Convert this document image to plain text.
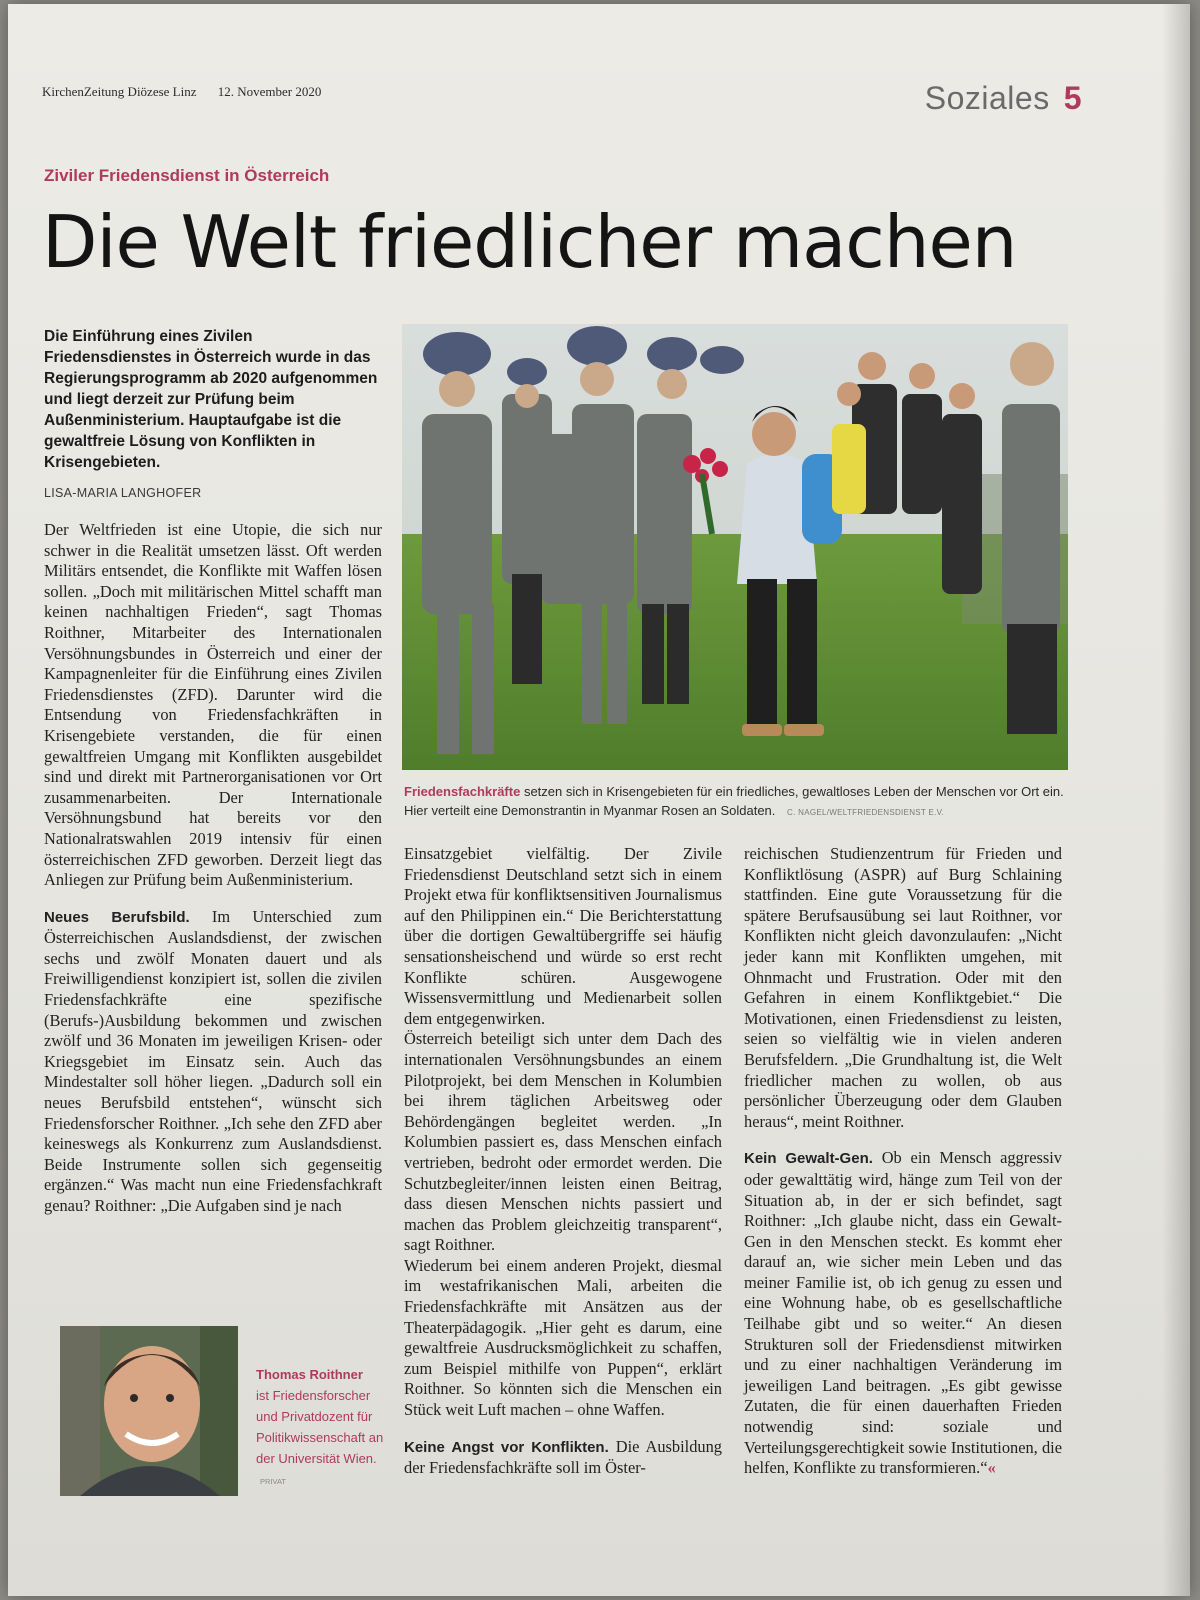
KirchenZeitung Diözese Linz 12. November 2020	Soziales 5
Ziviler Friedensdienst in Österreich
Die Welt friedlicher machen

Die Einführung eines Zivilen Friedensdienstes in Österreich wurde in das Regierungsprogramm ab 2020 aufgenommen und liegt derzeit zur Prüfung beim Außenministerium. Hauptaufgabe ist die gewaltfreie Lösung von Konflikten in Krisengebieten.

LISA-MARIA LANGHOFER

Der Weltfrieden ist eine Utopie, die sich nur schwer in die Realität umsetzen lässt. Oft werden Militärs entsendet, die Konflikte mit Waffen lösen sollen. „Doch mit militärischen Mittel schafft man keinen nachhaltigen Frieden“, sagt Thomas Roithner, Mitarbeiter des Internationalen Versöhnungsbundes in Österreich und einer der Kampagnenleiter für die Einführung eines Zivilen Friedensdienstes (ZFD). Darunter wird die Entsendung von Friedensfachkräften in Krisengebiete verstanden, die für einen gewaltfreien Umgang mit Konflikten ausgebildet sind und direkt mit Partnerorganisationen vor Ort zusammenarbeiten. Der Internationale Versöhnungsbund hat bereits vor den Nationalratswahlen 2019 intensiv für einen österreichischen ZFD geworben. Derzeit liegt das Anliegen zur Prüfung beim Außenministerium.

Neues Berufsbild. Im Unterschied zum Österreichischen Auslandsdienst, der zwischen sechs und zwölf Monaten dauert und als Freiwilligendienst konzipiert ist, sollen die zivilen Friedensfachkräfte eine spezifische (Berufs-)Ausbildung bekommen und zwischen zwölf und 36 Monaten im jeweiligen Krisen- oder Kriegsgebiet im Einsatz sein. Auch das Mindestalter soll höher liegen. „Dadurch soll ein neues Berufsbild entstehen“, wünscht sich Friedensforscher Roithner. „Ich sehe den ZFD aber keineswegs als Konkurrenz zum Auslandsdienst. Beide Instrumente sollen sich gegenseitig ergänzen.“ Was macht nun eine Friedensfachkraft genau? Roithner: „Die Aufgaben sind je nach

Friedensfachkräfte setzen sich in Krisengebieten für ein friedliches, gewaltloses Leben der Menschen vor Ort ein. Hier verteilt eine Demonstrantin in Myanmar Rosen an Soldaten. C. NAGEL/WELTFRIEDENSDIENST E.V.

Einsatzgebiet vielfältig. Der Zivile Friedensdienst Deutschland setzt sich in einem Projekt etwa für konfliktsensitiven Journalismus auf den Philippinen ein.“ Die Berichterstattung über die dortigen Gewaltübergriffe sei häufig sensationsheischend und würde so erst recht Konflikte schüren. Ausgewogene Wissensvermittlung und Medienarbeit sollen dem entgegenwirken.

Österreich beteiligt sich unter dem Dach des internationalen Versöhnungsbundes an einem Pilotprojekt, bei dem Menschen in Kolumbien bei ihrem täglichen Arbeitsweg oder Behördengängen begleitet werden. „In Kolumbien passiert es, dass Menschen einfach vertrieben, bedroht oder ermordet werden. Die Schutzbegleiter/innen leisten einen Beitrag, dass diesen Menschen nichts passiert und machen das Problem gleichzeitig transparent“, sagt Roithner.

Wiederum bei einem anderen Projekt, diesmal im westafrikanischen Mali, arbeiten die Friedensfachkräfte mit Ansätzen aus der Theaterpädagogik. „Hier geht es darum, eine gewaltfreie Ausdrucksmöglichkeit zu schaffen, zum Beispiel mithilfe von Puppen“, erklärt Roithner. So könnten sich die Menschen ein Stück weit Luft machen – ohne Waffen.

Keine Angst vor Konflikten. Die Ausbildung der Friedensfachkräfte soll im Öster-

reichischen Studienzentrum für Frieden und Konfliktlösung (ASPR) auf Burg Schlaining stattfinden. Eine gute Voraussetzung für die spätere Berufsausübung sei laut Roithner, vor Konflikten nicht gleich davonzulaufen: „Nicht jeder kann mit Konflikten umgehen, mit Ohnmacht und Frustration. Oder mit den Gefahren in einem Konfliktgebiet.“ Die Motivationen, einen Friedensdienst zu leisten, seien so vielfältig wie in vielen anderen Berufsfeldern. „Die Grundhaltung ist, die Welt friedlicher machen zu wollen, ob aus persönlicher Überzeugung oder dem Glauben heraus“, meint Roithner.

Kein Gewalt-Gen. Ob ein Mensch aggressiv oder gewalttätig wird, hänge zum Teil von der Situation ab, in der er sich befindet, sagt Roithner: „Ich glaube nicht, dass ein Gewalt-Gen in den Menschen steckt. Es kommt eher darauf an, wie sicher mein Leben und das meiner Familie ist, ob ich genug zu essen und eine Wohnung habe, ob es gesellschaftliche Teilhabe gibt und so weiter.“ An diesen Strukturen soll der Friedensdienst mitwirken und zu einer nachhaltigen Veränderung im jeweiligen Land beitragen. „Es gibt gewisse Zutaten, die für einen dauerhaften Frieden notwendig sind: soziale und Verteilungsgerechtigkeit sowie Institutionen, die helfen, Konflikte zu transformieren.“«

Thomas Roithner
ist Friedensforscher und Privatdozent für Politikwissenschaft an der Universität Wien. PRIVAT
